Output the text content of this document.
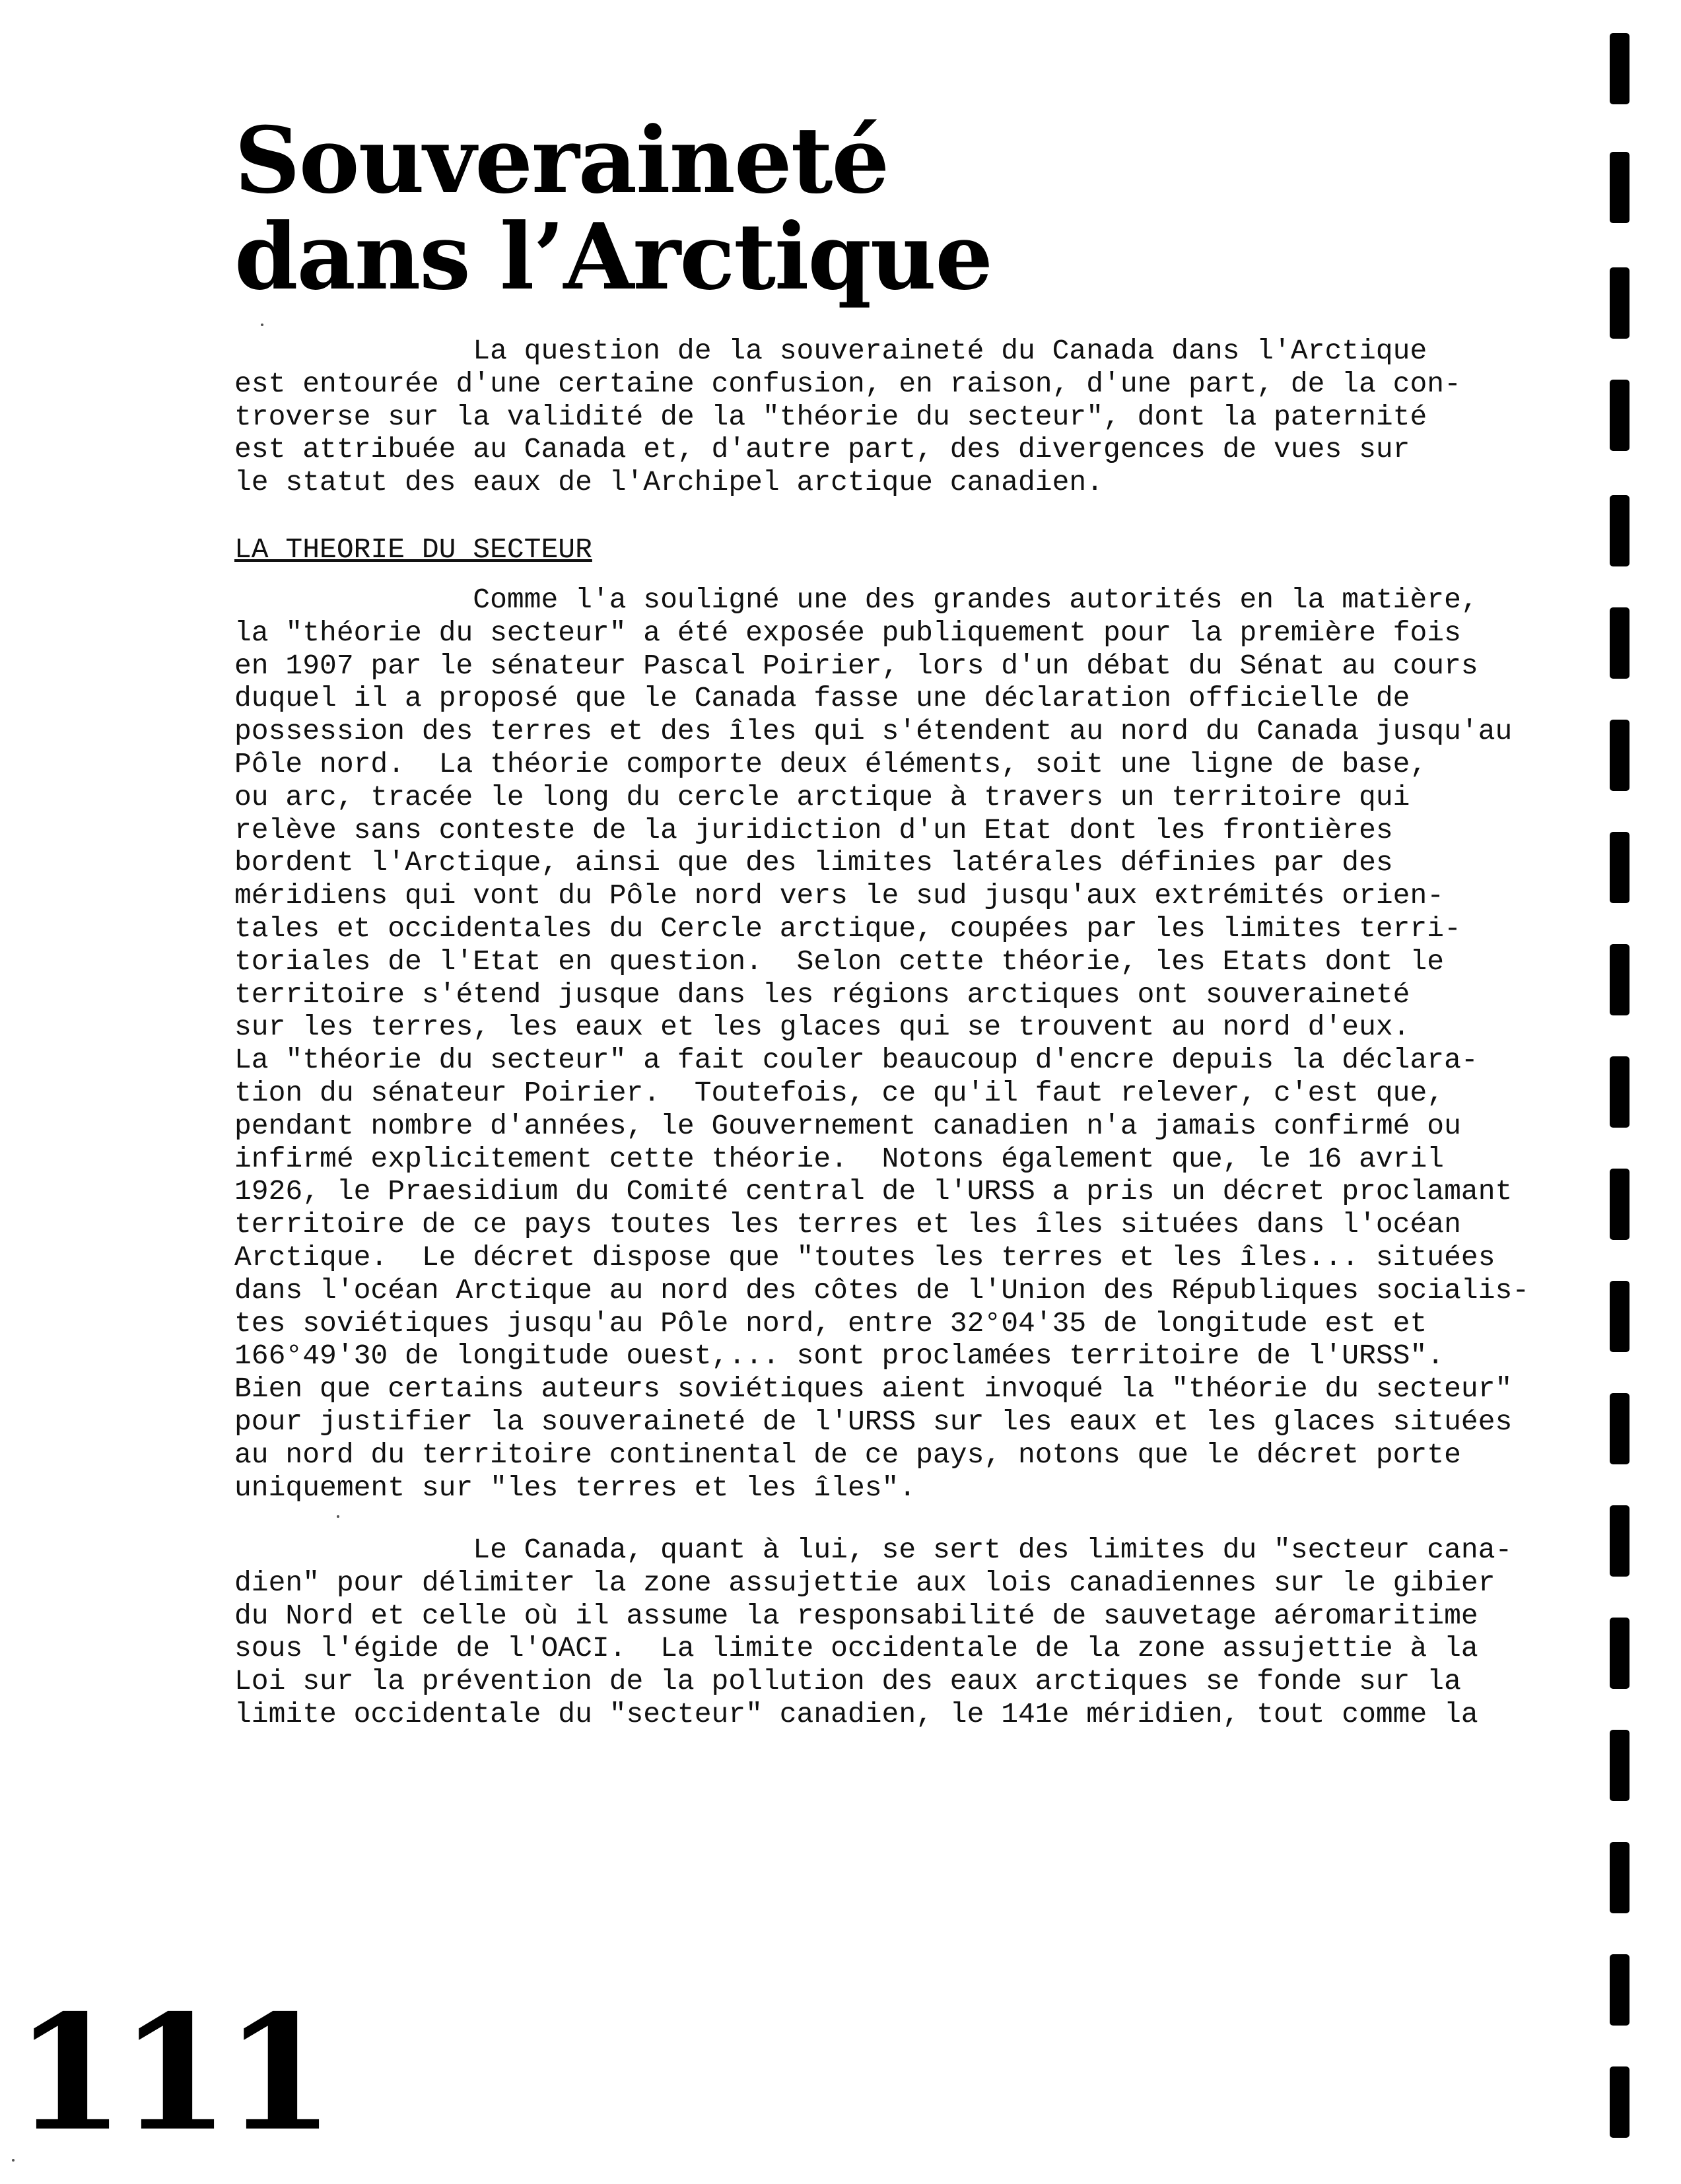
Souveraineté
dans l’Arctique

La question de la souveraineté du Canada dans l'Arctique
est entourée d'une certaine confusion, en raison, d'une part, de la con-
troverse sur la validité de la "théorie du secteur", dont la paternité
est attribuée au Canada et, d'autre part, des divergences de vues sur
le statut des eaux de l'Archipel arctique canadien.

LA THEORIE DU SECTEUR

Comme l'a souligné une des grandes autorités en la matière,
la "théorie du secteur" a été exposée publiquement pour la première fois
en 1907 par le sénateur Pascal Poirier, lors d'un débat du Sénat au cours
duquel il a proposé que le Canada fasse une déclaration officielle de
possession des terres et des îles qui s'étendent au nord du Canada jusqu'au
Pôle nord.  La théorie comporte deux éléments, soit une ligne de base,
ou arc, tracée le long du cercle arctique à travers un territoire qui
relève sans conteste de la juridiction d'un Etat dont les frontières
bordent l'Arctique, ainsi que des limites latérales définies par des
méridiens qui vont du Pôle nord vers le sud jusqu'aux extrémités orien-
tales et occidentales du Cercle arctique, coupées par les limites terri-
toriales de l'Etat en question.  Selon cette théorie, les Etats dont le
territoire s'étend jusque dans les régions arctiques ont souveraineté
sur les terres, les eaux et les glaces qui se trouvent au nord d'eux.
La "théorie du secteur" a fait couler beaucoup d'encre depuis la déclara-
tion du sénateur Poirier.  Toutefois, ce qu'il faut relever, c'est que,
pendant nombre d'années, le Gouvernement canadien n'a jamais confirmé ou
infirmé explicitement cette théorie.  Notons également que, le 16 avril
1926, le Praesidium du Comité central de l'URSS a pris un décret proclamant
territoire de ce pays toutes les terres et les îles situées dans l'océan
Arctique.  Le décret dispose que "toutes les terres et les îles... situées
dans l'océan Arctique au nord des côtes de l'Union des Républiques socialis-
tes soviétiques jusqu'au Pôle nord, entre 32°04'35 de longitude est et
166°49'30 de longitude ouest,... sont proclamées territoire de l'URSS".
Bien que certains auteurs soviétiques aient invoqué la "théorie du secteur"
pour justifier la souveraineté de l'URSS sur les eaux et les glaces situées
au nord du territoire continental de ce pays, notons que le décret porte
uniquement sur "les terres et les îles".

Le Canada, quant à lui, se sert des limites du "secteur cana-
dien" pour délimiter la zone assujettie aux lois canadiennes sur le gibier
du Nord et celle où il assume la responsabilité de sauvetage aéromaritime
sous l'égide de l'OACI.  La limite occidentale de la zone assujettie à la
Loi sur la prévention de la pollution des eaux arctiques se fonde sur la
limite occidentale du "secteur" canadien, le 141e méridien, tout comme la

111
